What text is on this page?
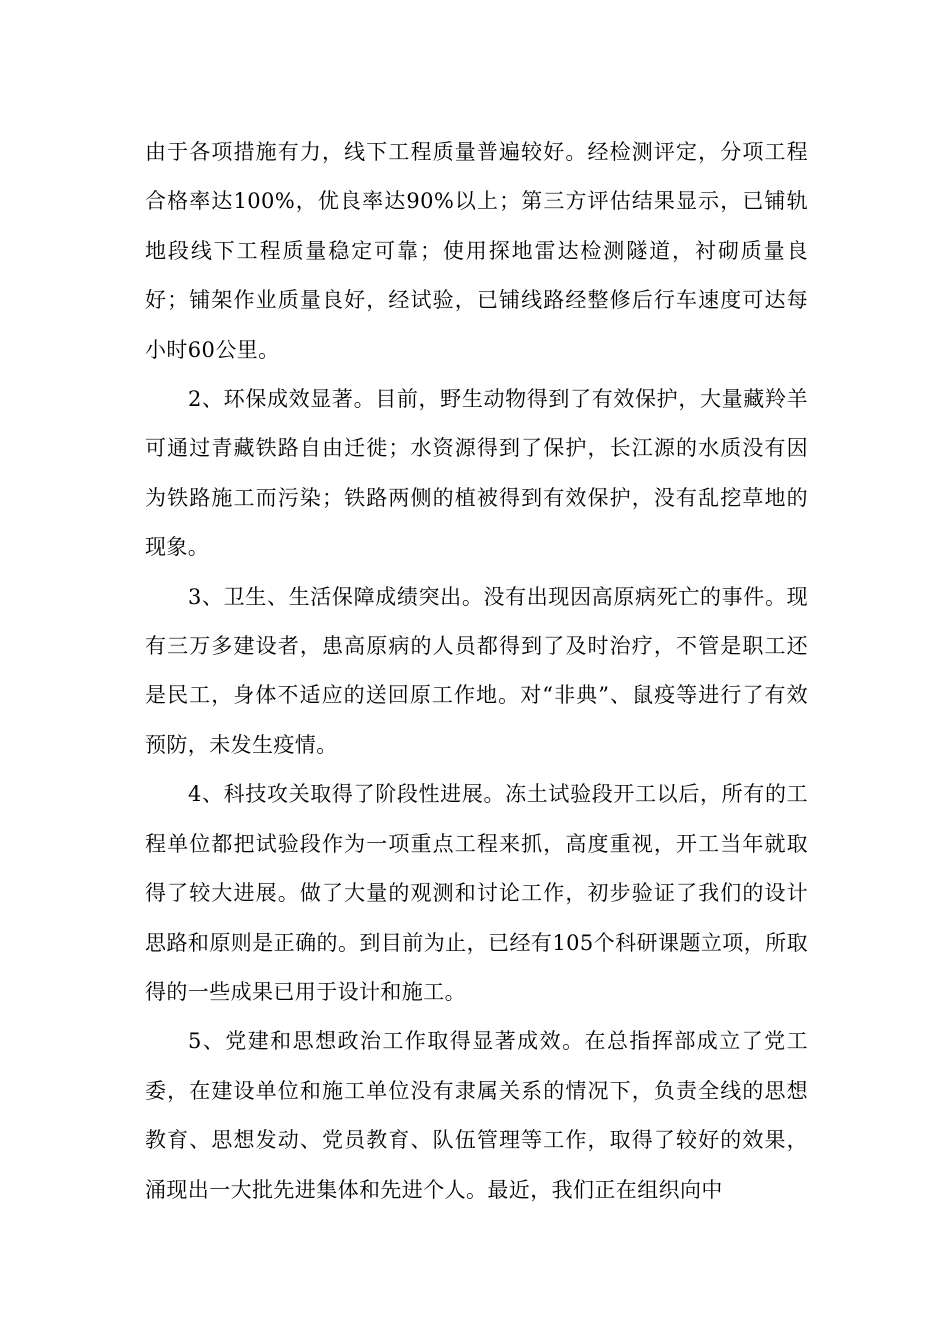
由于各项措施有力，线下工程质量普遍较好。经检测评定，分项工程合格率达100%，优良率达90%以上；第三方评估结果显示，已铺轨地段线下工程质量稳定可靠；使用探地雷达检测隧道，衬砌质量良好；铺架作业质量良好，经试验，已铺线路经整修后行车速度可达每小时60公里。

2、环保成效显著。目前，野生动物得到了有效保护，大量藏羚羊可通过青藏铁路自由迁徙；水资源得到了保护，长江源的水质没有因为铁路施工而污染；铁路两侧的植被得到有效保护，没有乱挖草地的现象。

3、卫生、生活保障成绩突出。没有出现因高原病死亡的事件。现有三万多建设者，患高原病的人员都得到了及时治疗，不管是职工还是民工，身体不适应的送回原工作地。对“非典”、鼠疫等进行了有效预防，未发生疫情。

4、科技攻关取得了阶段性进展。冻土试验段开工以后，所有的工程单位都把试验段作为一项重点工程来抓，高度重视，开工当年就取得了较大进展。做了大量的观测和讨论工作，初步验证了我们的设计思路和原则是正确的。到目前为止，已经有105个科研课题立项，所取得的一些成果已用于设计和施工。

5、党建和思想政治工作取得显著成效。在总指挥部成立了党工委，在建设单位和施工单位没有隶属关系的情况下，负责全线的思想教育、思想发动、党员教育、队伍管理等工作，取得了较好的效果，涌现出一大批先进集体和先进个人。最近，我们正在组织向中
